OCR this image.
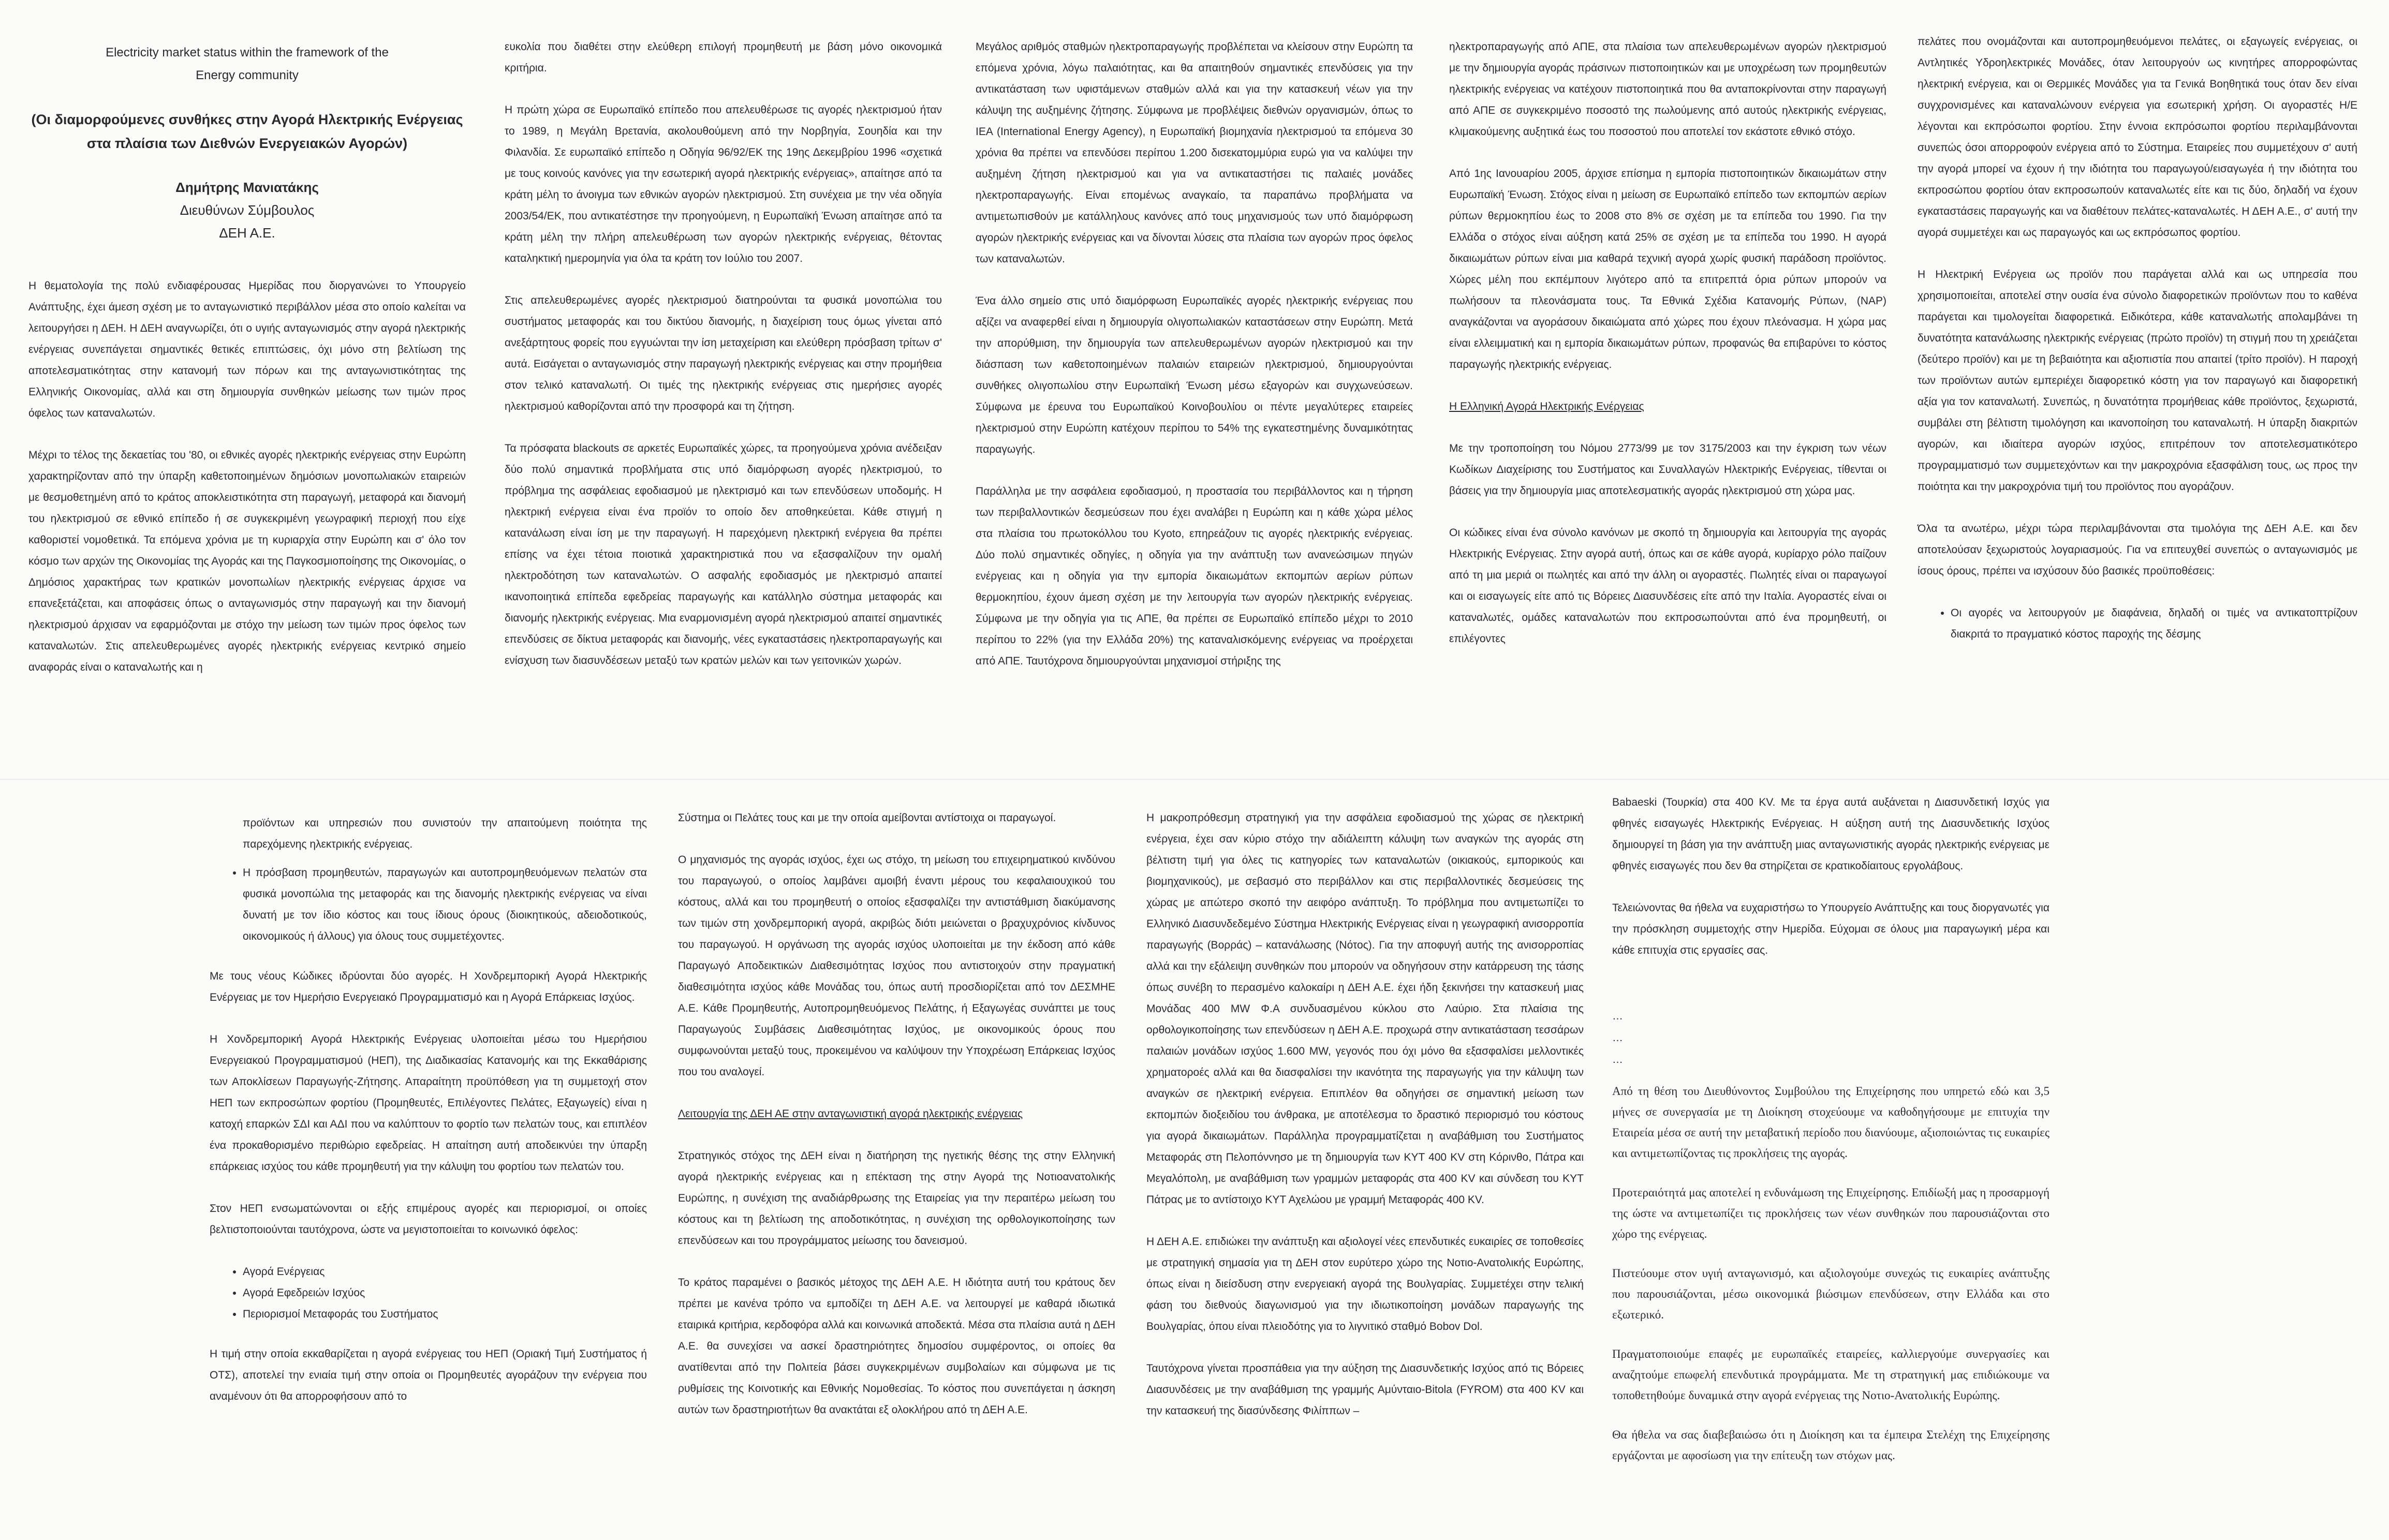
Electricity market status within the framework of the Energy community
(Οι διαμορφούμενες συνθήκες στην Αγορά Ηλεκτρικής Ενέργειας στα πλαίσια των Διεθνών Ενεργειακών Αγορών)
Δημήτρης Μανιατάκης
Διευθύνων Σύμβουλος
ΔΕΗ Α.Ε.

Η θεματολογία της πολύ ενδιαφέρουσας Ημερίδας που διοργανώνει το Υπουργείο Ανάπτυξης, έχει άμεση σχέση με το ανταγωνιστικό περιβάλλον μέσα στο οποίο καλείται να λειτουργήσει η ΔΕΗ. Η ΔΕΗ αναγνωρίζει, ότι ο υγιής ανταγωνισμός στην αγορά ηλεκτρικής ενέργειας συνεπάγεται σημαντικές θετικές επιπτώσεις, όχι μόνο στη βελτίωση της αποτελεσματικότητας στην κατανομή των πόρων και της ανταγωνιστικότητας της Ελληνικής Οικονομίας, αλλά και στη δημιουργία συνθηκών μείωσης των τιμών προς όφελος των καταναλωτών.

Μέχρι το τέλος της δεκαετίας του '80, οι εθνικές αγορές ηλεκτρικής ενέργειας στην Ευρώπη χαρακτηρίζονταν από την ύπαρξη καθετοποιημένων δημόσιων μονοπωλιακών εταιρειών με θεσμοθετημένη από το κράτος αποκλειστικότητα στη παραγωγή, μεταφορά και διανομή του ηλεκτρισμού σε εθνικό επίπεδο ή σε συγκεκριμένη γεωγραφική περιοχή που είχε καθοριστεί νομοθετικά. Τα επόμενα χρόνια με τη κυριαρχία στην Ευρώπη και σ' όλο τον κόσμο των αρχών της Οικονομίας της Αγοράς και της Παγκοσμιοποίησης της Οικονομίας, ο Δημόσιος χαρακτήρας των κρατικών μονοπωλίων ηλεκτρικής ενέργειας άρχισε να επανεξετάζεται, και αποφάσεις όπως ο ανταγωνισμός στην παραγωγή και την διανομή ηλεκτρισμού άρχισαν να εφαρμόζονται με στόχο την μείωση των τιμών προς όφελος των καταναλωτών. Στις απελευθερωμένες αγορές ηλεκτρικής ενέργειας κεντρικό σημείο αναφοράς είναι ο καταναλωτής και η

ευκολία που διαθέτει στην ελεύθερη επιλογή προμηθευτή με βάση μόνο οικονομικά κριτήρια.

Η πρώτη χώρα σε Ευρωπαϊκό επίπεδο που απελευθέρωσε τις αγορές ηλεκτρισμού ήταν το 1989, η Μεγάλη Βρετανία, ακολουθούμενη από την Νορβηγία, Σουηδία και την Φιλανδία. Σε ευρωπαϊκό επίπεδο η Οδηγία 96/92/ΕΚ της 19ης Δεκεμβρίου 1996 «σχετικά με τους κοινούς κανόνες για την εσωτερική αγορά ηλεκτρικής ενέργειας», απαίτησε από τα κράτη μέλη το άνοιγμα των εθνικών αγορών ηλεκτρισμού. Στη συνέχεια με την νέα οδηγία 2003/54/ΕΚ, που αντικατέστησε την προηγούμενη, η Ευρωπαϊκή Ένωση απαίτησε από τα κράτη μέλη την πλήρη απελευθέρωση των αγορών ηλεκτρικής ενέργειας, θέτοντας καταληκτική ημερομηνία για όλα τα κράτη τον Ιούλιο του 2007.

Στις απελευθερωμένες αγορές ηλεκτρισμού διατηρούνται τα φυσικά μονοπώλια του συστήματος μεταφοράς και του δικτύου διανομής, η διαχείριση τους όμως γίνεται από ανεξάρτητους φορείς που εγγυώνται την ίση μεταχείριση και ελεύθερη πρόσβαση τρίτων σ' αυτά. Εισάγεται ο ανταγωνισμός στην παραγωγή ηλεκτρικής ενέργειας και στην προμήθεια στον τελικό καταναλωτή. Οι τιμές της ηλεκτρικής ενέργειας στις ημερήσιες αγορές ηλεκτρισμού καθορίζονται από την προσφορά και τη ζήτηση.

Τα πρόσφατα blackouts σε αρκετές Ευρωπαϊκές χώρες, τα προηγούμενα χρόνια ανέδειξαν δύο πολύ σημαντικά προβλήματα στις υπό διαμόρφωση αγορές ηλεκτρισμού, το πρόβλημα της ασφάλειας εφοδιασμού με ηλεκτρισμό και των επενδύσεων υποδομής. Η ηλεκτρική ενέργεια είναι ένα προϊόν το οποίο δεν αποθηκεύεται. Κάθε στιγμή η κατανάλωση είναι ίση με την παραγωγή. Η παρεχόμενη ηλεκτρική ενέργεια θα πρέπει επίσης να έχει τέτοια ποιοτικά χαρακτηριστικά που να εξασφαλίζουν την ομαλή ηλεκτροδότηση των καταναλωτών. Ο ασφαλής εφοδιασμός με ηλεκτρισμό απαιτεί ικανοποιητικά επίπεδα εφεδρείας παραγωγής και κατάλληλο σύστημα μεταφοράς και διανομής ηλεκτρικής ενέργειας. Μια εναρμονισμένη αγορά ηλεκτρισμού απαιτεί σημαντικές επενδύσεις σε δίκτυα μεταφοράς και διανομής, νέες εγκαταστάσεις ηλεκτροπαραγωγής και ενίσχυση των διασυνδέσεων μεταξύ των κρατών μελών και των γειτονικών χωρών.

Μεγάλος αριθμός σταθμών ηλεκτροπαραγωγής προβλέπεται να κλείσουν στην Ευρώπη τα επόμενα χρόνια, λόγω παλαιότητας, και θα απαιτηθούν σημαντικές επενδύσεις για την αντικατάσταση των υφιστάμενων σταθμών αλλά και για την κατασκευή νέων για την κάλυψη της αυξημένης ζήτησης. Σύμφωνα με προβλέψεις διεθνών οργανισμών, όπως το IEA (International Energy Agency), η Ευρωπαϊκή βιομηχανία ηλεκτρισμού τα επόμενα 30 χρόνια θα πρέπει να επενδύσει περίπου 1.200 δισεκατομμύρια ευρώ για να καλύψει την αυξημένη ζήτηση ηλεκτρισμού και για να αντικαταστήσει τις παλαιές μονάδες ηλεκτροπαραγωγής. Είναι επομένως αναγκαίο, τα παραπάνω προβλήματα να αντιμετωπισθούν με κατάλληλους κανόνες από τους μηχανισμούς των υπό διαμόρφωση αγορών ηλεκτρικής ενέργειας και να δίνονται λύσεις στα πλαίσια των αγορών προς όφελος των καταναλωτών.

Ένα άλλο σημείο στις υπό διαμόρφωση Ευρωπαϊκές αγορές ηλεκτρικής ενέργειας που αξίζει να αναφερθεί είναι η δημιουργία ολιγοπωλιακών καταστάσεων στην Ευρώπη. Μετά την απορύθμιση, την δημιουργία των απελευθερωμένων αγορών ηλεκτρισμού και την διάσπαση των καθετοποιημένων παλαιών εταιρειών ηλεκτρισμού, δημιουργούνται συνθήκες ολιγοπωλίου στην Ευρωπαϊκή Ένωση μέσω εξαγορών και συγχωνεύσεων. Σύμφωνα με έρευνα του Ευρωπαϊκού Κοινοβουλίου οι πέντε μεγαλύτερες εταιρείες ηλεκτρισμού στην Ευρώπη κατέχουν περίπου το 54% της εγκατεστημένης δυναμικότητας παραγωγής.

Παράλληλα με την ασφάλεια εφοδιασμού, η προστασία του περιβάλλοντος και η τήρηση των περιβαλλοντικών δεσμεύσεων που έχει αναλάβει η Ευρώπη και η κάθε χώρα μέλος στα πλαίσια του πρωτοκόλλου του Kyoto, επηρεάζουν τις αγορές ηλεκτρικής ενέργειας. Δύο πολύ σημαντικές οδηγίες, η οδηγία για την ανάπτυξη των ανανεώσιμων πηγών ενέργειας και η οδηγία για την εμπορία δικαιωμάτων εκπομπών αερίων ρύπων θερμοκηπίου, έχουν άμεση σχέση με την λειτουργία των αγορών ηλεκτρικής ενέργειας. Σύμφωνα με την οδηγία για τις ΑΠΕ, θα πρέπει σε Ευρωπαϊκό επίπεδο μέχρι το 2010 περίπου το 22% (για την Ελλάδα 20%) της καταναλισκόμενης ενέργειας να προέρχεται από ΑΠΕ. Ταυτόχρονα δημιουργούνται μηχανισμοί στήριξης της

ηλεκτροπαραγωγής από ΑΠΕ, στα πλαίσια των απελευθερωμένων αγορών ηλεκτρισμού με την δημιουργία αγοράς πράσινων πιστοποιητικών και με υποχρέωση των προμηθευτών ηλεκτρικής ενέργειας να κατέχουν πιστοποιητικά που θα ανταποκρίνονται στην παραγωγή από ΑΠΕ σε συγκεκριμένο ποσοστό της πωλούμενης από αυτούς ηλεκτρικής ενέργειας, κλιμακούμενης αυξητικά έως του ποσοστού που αποτελεί τον εκάστοτε εθνικό στόχο.

Από 1ης Ιανουαρίου 2005, άρχισε επίσημα η εμπορία πιστοποιητικών δικαιωμάτων στην Ευρωπαϊκή Ένωση. Στόχος είναι η μείωση σε Ευρωπαϊκό επίπεδο των εκπομπών αερίων ρύπων θερμοκηπίου έως το 2008 στο 8% σε σχέση με τα επίπεδα του 1990. Για την Ελλάδα ο στόχος είναι αύξηση κατά 25% σε σχέση με τα επίπεδα του 1990. Η αγορά δικαιωμάτων ρύπων είναι μια καθαρά τεχνική αγορά χωρίς φυσική παράδοση προϊόντος. Χώρες μέλη που εκπέμπουν λιγότερο από τα επιτρεπτά όρια ρύπων μπορούν να πωλήσουν τα πλεονάσματα τους. Τα Εθνικά Σχέδια Κατανομής Ρύπων, (NAP) αναγκάζονται να αγοράσουν δικαιώματα από χώρες που έχουν πλεόνασμα. Η χώρα μας είναι ελλειμματική και η εμπορία δικαιωμάτων ρύπων, προφανώς θα επιβαρύνει το κόστος παραγωγής ηλεκτρικής ενέργειας.

Η Ελληνική Αγορά Ηλεκτρικής Ενέργειας

Με την τροποποίηση του Νόμου 2773/99 με τον 3175/2003 και την έγκριση των νέων Κωδίκων Διαχείρισης του Συστήματος και Συναλλαγών Ηλεκτρικής Ενέργειας, τίθενται οι βάσεις για την δημιουργία μιας αποτελεσματικής αγοράς ηλεκτρισμού στη χώρα μας.

Οι κώδικες είναι ένα σύνολο κανόνων με σκοπό τη δημιουργία και λειτουργία της αγοράς Ηλεκτρικής Ενέργειας. Στην αγορά αυτή, όπως και σε κάθε αγορά, κυρίαρχο ρόλο παίζουν από τη μια μεριά οι πωλητές και από την άλλη οι αγοραστές. Πωλητές είναι οι παραγωγοί και οι εισαγωγείς είτε από τις Βόρειες Διασυνδέσεις είτε από την Ιταλία. Αγοραστές είναι οι καταναλωτές, ομάδες καταναλωτών που εκπροσωπούνται από ένα προμηθευτή, οι επιλέγοντες

πελάτες που ονομάζονται και αυτοπρομηθευόμενοι πελάτες, οι εξαγωγείς ενέργειας, οι Αντλητικές Υδροηλεκτρικές Μονάδες, όταν λειτουργούν ως κινητήρες απορροφώντας ηλεκτρική ενέργεια, και οι Θερμικές Μονάδες για τα Γενικά Βοηθητικά τους όταν δεν είναι συγχρονισμένες και καταναλώνουν ενέργεια για εσωτερική χρήση. Οι αγοραστές Η/Ε λέγονται και εκπρόσωποι φορτίου. Στην έννοια εκπρόσωποι φορτίου περιλαμβάνονται συνεπώς όσοι απορροφούν ενέργεια από το Σύστημα. Εταιρείες που συμμετέχουν σ' αυτή την αγορά μπορεί να έχουν ή την ιδιότητα του παραγωγού/εισαγωγέα ή την ιδιότητα του εκπροσώπου φορτίου όταν εκπροσωπούν καταναλωτές είτε και τις δύο, δηλαδή να έχουν εγκαταστάσεις παραγωγής και να διαθέτουν πελάτες-καταναλωτές. Η ΔΕΗ Α.Ε., σ' αυτή την αγορά συμμετέχει και ως παραγωγός και ως εκπρόσωπος φορτίου.

Η Ηλεκτρική Ενέργεια ως προϊόν που παράγεται αλλά και ως υπηρεσία που χρησιμοποιείται, αποτελεί στην ουσία ένα σύνολο διαφορετικών προϊόντων που το καθένα παράγεται και τιμολογείται διαφορετικά. Ειδικότερα, κάθε καταναλωτής απολαμβάνει τη δυνατότητα κατανάλωσης ηλεκτρικής ενέργειας (πρώτο προϊόν) τη στιγμή που τη χρειάζεται (δεύτερο προϊόν) και με τη βεβαιότητα και αξιοπιστία που απαιτεί (τρίτο προϊόν). Η παροχή των προϊόντων αυτών εμπεριέχει διαφορετικό κόστη για τον παραγωγό και διαφορετική αξία για τον καταναλωτή. Συνεπώς, η δυνατότητα προμήθειας κάθε προϊόντος, ξεχωριστά, συμβάλει στη βέλτιστη τιμολόγηση και ικανοποίηση του καταναλωτή. Η ύπαρξη διακριτών αγορών, και ιδιαίτερα αγορών ισχύος, επιτρέπουν τον αποτελεσματικότερο προγραμματισμό των συμμετεχόντων και την μακροχρόνια εξασφάλιση τους, ως προς την ποιότητα και την μακροχρόνια τιμή του προϊόντος που αγοράζουν.

Όλα τα ανωτέρω, μέχρι τώρα περιλαμβάνονται στα τιμολόγια της ΔΕΗ Α.Ε. και δεν αποτελούσαν ξεχωριστούς λογαριασμούς. Για να επιτευχθεί συνεπώς ο ανταγωνισμός με ίσους όρους, πρέπει να ισχύσουν δύο βασικές προϋποθέσεις:

• Οι αγορές να λειτουργούν με διαφάνεια, δηλαδή οι τιμές να αντικατοπτρίζουν διακριτά το πραγματικό κόστος παροχής της δέσμης

προϊόντων και υπηρεσιών που συνιστούν την απαιτούμενη ποιότητα της παρεχόμενης ηλεκτρικής ενέργειας.

• Η πρόσβαση προμηθευτών, παραγωγών και αυτοπρομηθευόμενων πελατών στα φυσικά μονοπώλια της μεταφοράς και της διανομής ηλεκτρικής ενέργειας να είναι δυνατή με τον ίδιο κόστος και τους ίδιους όρους (διοικητικούς, αδειοδοτικούς, οικονομικούς ή άλλους) για όλους τους συμμετέχοντες.

Με τους νέους Κώδικες ιδρύονται δύο αγορές. Η Χονδρεμπορική Αγορά Ηλεκτρικής Ενέργειας με τον Ημερήσιο Ενεργειακό Προγραμματισμό και η Αγορά Επάρκειας Ισχύος.

Η Χονδρεμπορική Αγορά Ηλεκτρικής Ενέργειας υλοποιείται μέσω του Ημερήσιου Ενεργειακού Προγραμματισμού (ΗΕΠ), της Διαδικασίας Κατανομής και της Εκκαθάρισης των Αποκλίσεων Παραγωγής-Ζήτησης. Απαραίτητη προϋπόθεση για τη συμμετοχή στον ΗΕΠ των εκπροσώπων φορτίου (Προμηθευτές, Επιλέγοντες Πελάτες, Εξαγωγείς) είναι η κατοχή επαρκών ΣΔΙ και ΑΔΙ που να καλύπτουν το φορτίο των πελατών τους, και επιπλέον ένα προκαθορισμένο περιθώριο εφεδρείας. Η απαίτηση αυτή αποδεικνύει την ύπαρξη επάρκειας ισχύος του κάθε προμηθευτή για την κάλυψη του φορτίου των πελατών του.

Στον ΗΕΠ ενσωματώνονται οι εξής επιμέρους αγορές και περιορισμοί, οι οποίες βελτιστοποιούνται ταυτόχρονα, ώστε να μεγιστοποιείται το κοινωνικό όφελος:

• Αγορά Ενέργειας
• Αγορά Εφεδρειών Ισχύος
• Περιορισμοί Μεταφοράς του Συστήματος

Η τιμή στην οποία εκκαθαρίζεται η αγορά ενέργειας του ΗΕΠ (Οριακή Τιμή Συστήματος ή ΟΤΣ), αποτελεί την ενιαία τιμή στην οποία οι Προμηθευτές αγοράζουν την ενέργεια που αναμένουν ότι θα απορροφήσουν από το

Σύστημα οι Πελάτες τους και με την οποία αμείβονται αντίστοιχα οι παραγωγοί.

Ο μηχανισμός της αγοράς ισχύος, έχει ως στόχο, τη μείωση του επιχειρηματικού κινδύνου του παραγωγού, ο οποίος λαμβάνει αμοιβή έναντι μέρους του κεφαλαιουχικού του κόστους, αλλά και του προμηθευτή ο οποίος εξασφαλίζει την αντιστάθμιση διακύμανσης των τιμών στη χονδρεμπορική αγορά, ακριβώς διότι μειώνεται ο βραχυχρόνιος κίνδυνος του παραγωγού. Η οργάνωση της αγοράς ισχύος υλοποιείται με την έκδοση από κάθε Παραγωγό Αποδεικτικών Διαθεσιμότητας Ισχύος που αντιστοιχούν στην πραγματική διαθεσιμότητα ισχύος κάθε Μονάδας του, όπως αυτή προσδιορίζεται από τον ΔΕΣΜΗΕ Α.Ε. Κάθε Προμηθευτής, Αυτοπρομηθευόμενος Πελάτης, ή Εξαγωγέας συνάπτει με τους Παραγωγούς Συμβάσεις Διαθεσιμότητας Ισχύος, με οικονομικούς όρους που συμφωνούνται μεταξύ τους, προκειμένου να καλύψουν την Υποχρέωση Επάρκειας Ισχύος που του αναλογεί.

Λειτουργία της ΔΕΗ ΑΕ στην ανταγωνιστική αγορά ηλεκτρικής ενέργειας

Στρατηγικός στόχος της ΔΕΗ είναι η διατήρηση της ηγετικής θέσης της στην Ελληνική αγορά ηλεκτρικής ενέργειας και η επέκταση της στην Αγορά της Νοτιοανατολικής Ευρώπης, η συνέχιση της αναδιάρθρωσης της Εταιρείας για την περαιτέρω μείωση του κόστους και τη βελτίωση της αποδοτικότητας, η συνέχιση της ορθολογικοποίησης των επενδύσεων και του προγράμματος μείωσης του δανεισμού.

Το κράτος παραμένει ο βασικός μέτοχος της ΔΕΗ Α.Ε. Η ιδιότητα αυτή του κράτους δεν πρέπει με κανένα τρόπο να εμποδίζει τη ΔΕΗ Α.Ε. να λειτουργεί με καθαρά ιδιωτικά εταιρικά κριτήρια, κερδοφόρα αλλά και κοινωνικά αποδεκτά. Μέσα στα πλαίσια αυτά η ΔΕΗ Α.Ε. θα συνεχίσει να ασκεί δραστηριότητες δημοσίου συμφέροντος, οι οποίες θα ανατίθενται από την Πολιτεία βάσει συγκεκριμένων συμβολαίων και σύμφωνα με τις ρυθμίσεις της Κοινοτικής και Εθνικής Νομοθεσίας. Το κόστος που συνεπάγεται η άσκηση αυτών των δραστηριοτήτων θα ανακτάται εξ ολοκλήρου από τη ΔΕΗ Α.Ε.

Η μακροπρόθεσμη στρατηγική για την ασφάλεια εφοδιασμού της χώρας σε ηλεκτρική ενέργεια, έχει σαν κύριο στόχο την αδιάλειπτη κάλυψη των αναγκών της αγοράς στη βέλτιστη τιμή για όλες τις κατηγορίες των καταναλωτών (οικιακούς, εμπορικούς και βιομηχανικούς), με σεβασμό στο περιβάλλον και στις περιβαλλοντικές δεσμεύσεις της χώρας με απώτερο σκοπό την αειφόρο ανάπτυξη. Το πρόβλημα που αντιμετωπίζει το Ελληνικό Διασυνδεδεμένο Σύστημα Ηλεκτρικής Ενέργειας είναι η γεωγραφική ανισορροπία παραγωγής (Βορράς) – κατανάλωσης (Νότος). Για την αποφυγή αυτής της ανισορροπίας αλλά και την εξάλειψη συνθηκών που μπορούν να οδηγήσουν στην κατάρρευση της τάσης όπως συνέβη το περασμένο καλοκαίρι η ΔΕΗ Α.Ε. έχει ήδη ξεκινήσει την κατασκευή μιας Μονάδας 400 MW Φ.Α συνδυασμένου κύκλου στο Λαύριο. Στα πλαίσια της ορθολογικοποίησης των επενδύσεων η ΔΕΗ Α.Ε. προχωρά στην αντικατάσταση τεσσάρων παλαιών μονάδων ισχύος 1.600 MW, γεγονός που όχι μόνο θα εξασφαλίσει μελλοντικές χρηματοροές αλλά και θα διασφαλίσει την ικανότητα της παραγωγής για την κάλυψη των αναγκών σε ηλεκτρική ενέργεια. Επιπλέον θα οδηγήσει σε σημαντική μείωση των εκπομπών διοξειδίου του άνθρακα, με αποτέλεσμα το δραστικό περιορισμό του κόστους για αγορά δικαιωμάτων. Παράλληλα προγραμματίζεται η αναβάθμιση του Συστήματος Μεταφοράς στη Πελοπόννησο με τη δημιουργία των ΚΥΤ 400 KV στη Κόρινθο, Πάτρα και Μεγαλόπολη, με αναβάθμιση των γραμμών μεταφοράς στα 400 KV και σύνδεση του ΚΥΤ Πάτρας με το αντίστοιχο ΚΥΤ Αχελώου με γραμμή Μεταφοράς 400 KV.

Η ΔΕΗ Α.Ε. επιδιώκει την ανάπτυξη και αξιολογεί νέες επενδυτικές ευκαιρίες σε τοποθεσίες με στρατηγική σημασία για τη ΔΕΗ στον ευρύτερο χώρο της Νοτιο-Ανατολικής Ευρώπης, όπως είναι η διείσδυση στην ενεργειακή αγορά της Βουλγαρίας. Συμμετέχει στην τελική φάση του διεθνούς διαγωνισμού για την ιδιωτικοποίηση μονάδων παραγωγής της Βουλγαρίας, όπου είναι πλειοδότης για το λιγνιτικό σταθμό Bobov Dol.

Ταυτόχρονα γίνεται προσπάθεια για την αύξηση της Διασυνδετικής Ισχύος από τις Βόρειες Διασυνδέσεις με την αναβάθμιση της γραμμής Αμύνταιο-Bitola (FYROM) στα 400 KV και την κατασκευή της διασύνδεσης Φιλίππων –

Babaeski (Τουρκία) στα 400 KV. Με τα έργα αυτά αυξάνεται η Διασυνδετική Ισχύς για φθηνές εισαγωγές Ηλεκτρικής Ενέργειας. Η αύξηση αυτή της Διασυνδετικής Ισχύος δημιουργεί τη βάση για την ανάπτυξη μιας ανταγωνιστικής αγοράς ηλεκτρικής ενέργειας με φθηνές εισαγωγές που δεν θα στηρίζεται σε κρατικοδίαιτους εργολάβους.

Τελειώνοντας θα ήθελα να ευχαριστήσω το Υπουργείο Ανάπτυξης και τους διοργανωτές για την πρόσκληση συμμετοχής στην Ημερίδα. Εύχομαι σε όλους μια παραγωγική μέρα και κάθε επιτυχία στις εργασίες σας.

…
…
…

Από τη θέση του Διευθύνοντος Συμβούλου της Επιχείρησης που υπηρετώ εδώ και 3,5 μήνες σε συνεργασία με τη Διοίκηση στοχεύουμε να καθοδηγήσουμε με επιτυχία την Εταιρεία μέσα σε αυτή την μεταβατική περίοδο που διανύουμε, αξιοποιώντας τις ευκαιρίες και αντιμετωπίζοντας τις προκλήσεις της αγοράς.

Προτεραιότητά μας αποτελεί η ενδυνάμωση της Επιχείρησης. Επιδίωξή μας η προσαρμογή της ώστε να αντιμετωπίζει τις προκλήσεις των νέων συνθηκών που παρουσιάζονται στο χώρο της ενέργειας.

Πιστεύουμε στον υγιή ανταγωνισμό, και αξιολογούμε συνεχώς τις ευκαιρίες ανάπτυξης που παρουσιάζονται, μέσω οικονομικά βιώσιμων επενδύσεων, στην Ελλάδα και στο εξωτερικό.

Πραγματοποιούμε επαφές με ευρωπαϊκές εταιρείες, καλλιεργούμε συνεργασίες και αναζητούμε επωφελή επενδυτικά προγράμματα. Με τη στρατηγική μας επιδιώκουμε να τοποθετηθούμε δυναμικά στην αγορά ενέργειας της Νοτιο-Ανατολικής Ευρώπης.

Θα ήθελα να σας διαβεβαιώσω ότι η Διοίκηση και τα έμπειρα Στελέχη της Επιχείρησης εργάζονται με αφοσίωση για την επίτευξη των στόχων μας.
